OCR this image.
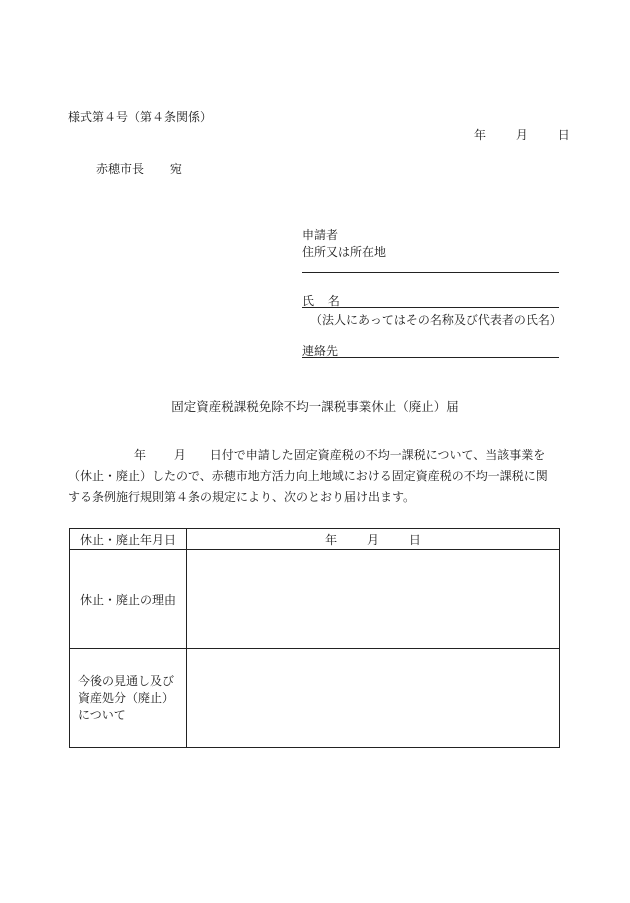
様式第４号（第４条関係）
年 月 日
赤穂市長 宛
申請者
住所又は所在地
氏 名
（法人にあってはその名称及び代表者の氏名）
連絡先
固定資産税課税免除不均一課税事業休止（廃止）届

年 月 日付で申請した固定資産税の不均一課税について、当該事業を

（休止・廃止）したので、赤穂市地方活力向上地域における固定資産税の不均一課税に関

する条例施行規則第４条の規定により、次のとおり届け出ます。

休止・廃止年月日	年 月 日
休止・廃止の理由	

今後の見通し及び
資産処分（廃止）
について	
